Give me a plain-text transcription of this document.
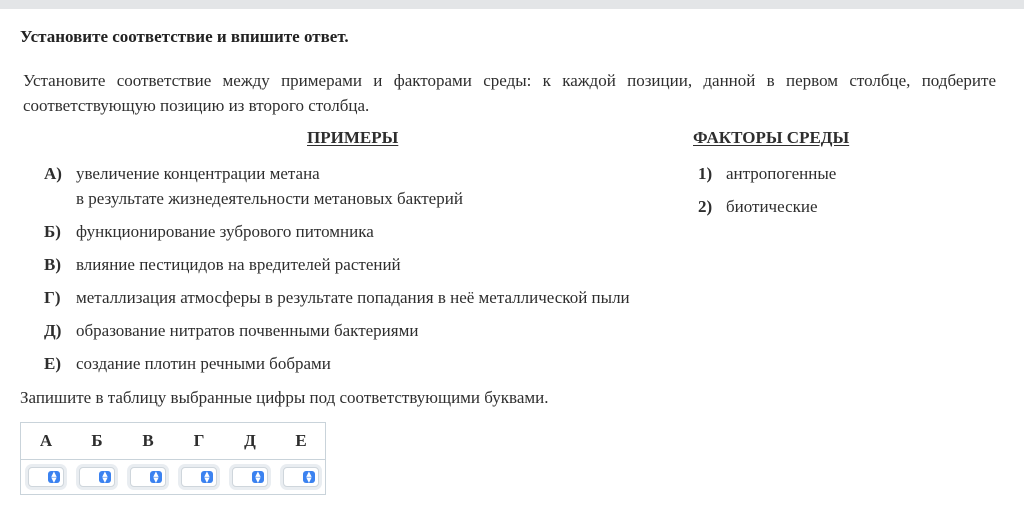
Установите соответствие и впишите ответ.
Установите соответствие между примерами и факторами среды: к каждой позиции, данной в первом столбце, подберите соответствующую позицию из второго столбца.
ПРИМЕРЫ	ФАКТОРЫ СРЕДЫ
А) увеличение концентрации метана
в результате жизнедеятельности метановых бактерий
Б) функционирование зубрового питомника
В) влияние пестицидов на вредителей растений
Г) металлизация атмосферы в результате попадания в неё металлической пыли
Д) образование нитратов почвенными бактериями
Е) создание плотин речными бобрами
1) антропогенные
2) биотические
Запишите в таблицу выбранные цифры под соответствующими буквами.
А	Б	В	Г	Д	Е
▲
▼
▲
▼
▲
▼
▲
▼
▲
▼
▲
▼
